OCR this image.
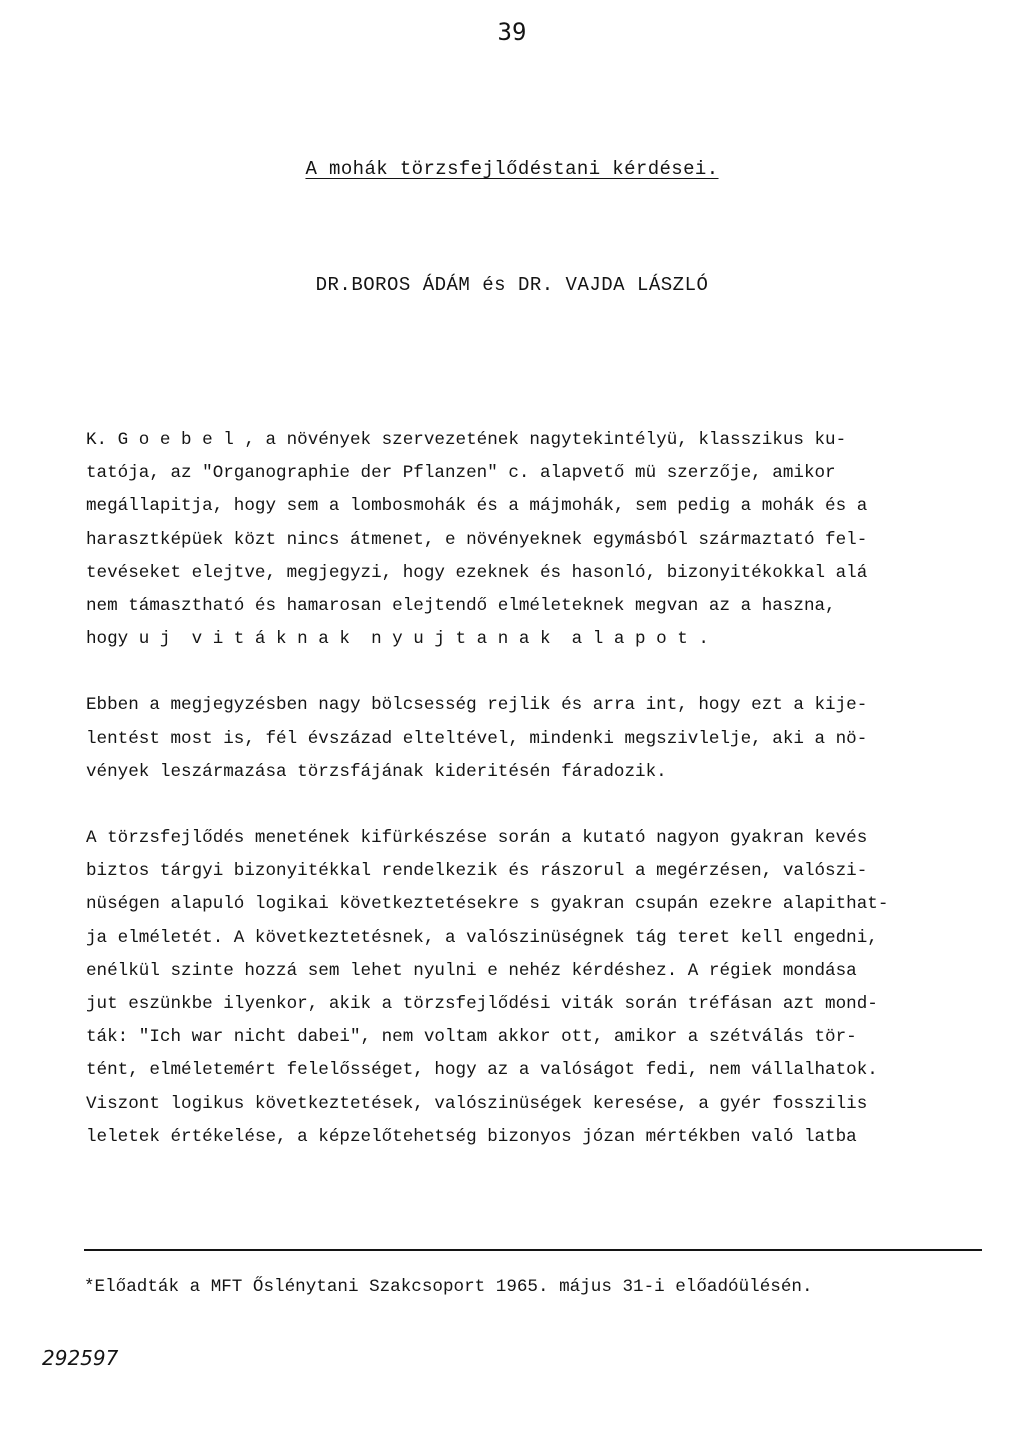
39
A mohák törzsfejlődéstani kérdései.
DR.BOROS ÁDÁM és DR. VAJDA LÁSZLÓ
K. G o e b e l , a növények szervezetének nagytekintélyü, klasszikus ku-
tatója, az "Organographie der Pflanzen" c. alapvető mü szerzője, amikor
megállapitja, hogy sem a lombosmohák és a májmohák, sem pedig a mohák és a
harasztképüek közt nincs átmenet, e növényeknek egymásból származtató fel-
tevéseket elejtve, megjegyzi, hogy ezeknek és hasonló, bizonyitékokkal alá
nem támasztható és hamarosan elejtendő elméleteknek megvan az a haszna,
hogy u j  v i t á k n a k  n y u j t a n a k  a l a p o t .
Ebben a megjegyzésben nagy bölcsesség rejlik és arra int, hogy ezt a kije-
lentést most is, fél évszázad elteltével, mindenki megszivlelje, aki a nö-
vények leszármazása törzsfájának kideritésén fáradozik.
A törzsfejlődés menetének kifürkészése során a kutató nagyon gyakran kevés
biztos tárgyi bizonyitékkal rendelkezik és rászorul a megérzésen, valószi-
nüségen alapuló logikai következtetésekre s gyakran csupán ezekre alapithat-
ja elméletét. A következtetésnek, a valószinüségnek tág teret kell engedni,
enélkül szinte hozzá sem lehet nyulni e nehéz kérdéshez. A régiek mondása
jut eszünkbe ilyenkor, akik a törzsfejlődési viták során tréfásan azt mond-
ták: "Ich war nicht dabei", nem voltam akkor ott, amikor a szétválás tör-
tént, elméletemért felelősséget, hogy az a valóságot fedi, nem vállalhatok.
Viszont logikus következtetések, valószinüségek keresése, a gyér fosszilis
leletek értékelése, a képzelőtehetség bizonyos józan mértékben való latba
*Előadták a MFT Őslénytani Szakcsoport 1965. május 31-i előadóülésén.
292597
